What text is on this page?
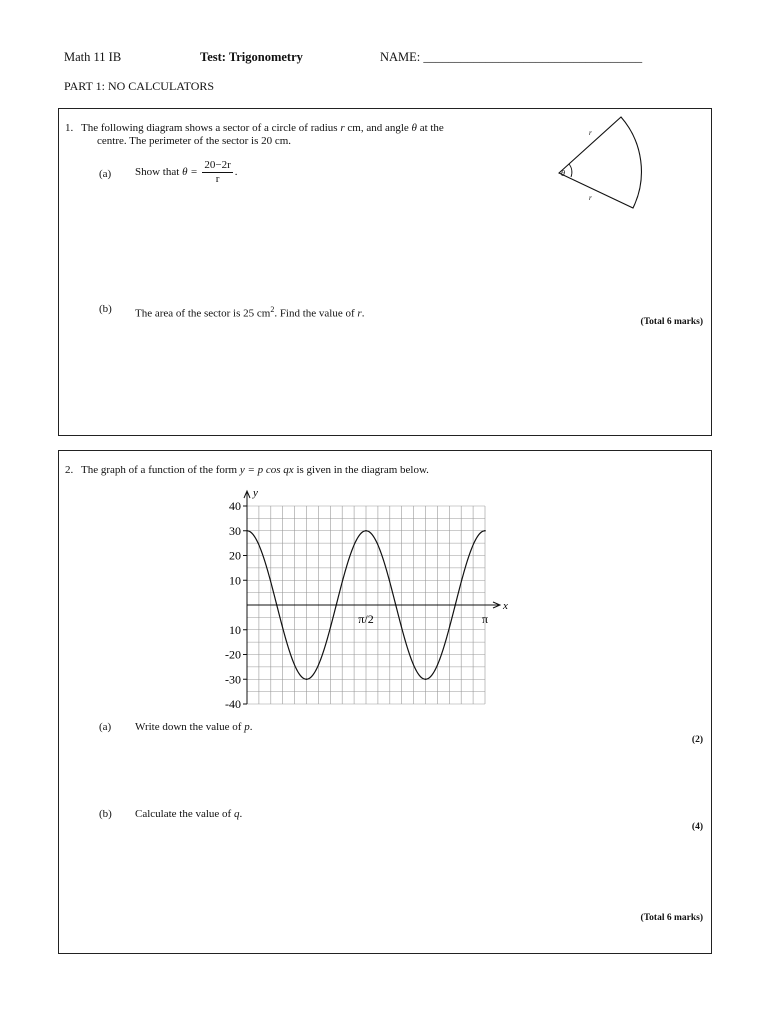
Math 11 IB	Test: Trigonometry	NAME: ___________________________________
PART 1: NO CALCULATORS
1. The following diagram shows a sector of a circle of radius r cm, and angle θ at the
centre. The perimeter of the sector is 20 cm.
(a) Show that $\theta = \frac{20-2r}{r}$ .
(b) The area of the sector is 25 $cm^2$. Find the value of r.
(Total 6 marks)
r
r
θ
2. The graph of a function of the form y = p cos qx is given in the diagram below.
(a) Write down the value of p.
(2)
(b) Calculate the value of q.
(4)
(Total 6 marks)
y
x
40
30
20
10
10
-20
-30
-40
π/2	π
